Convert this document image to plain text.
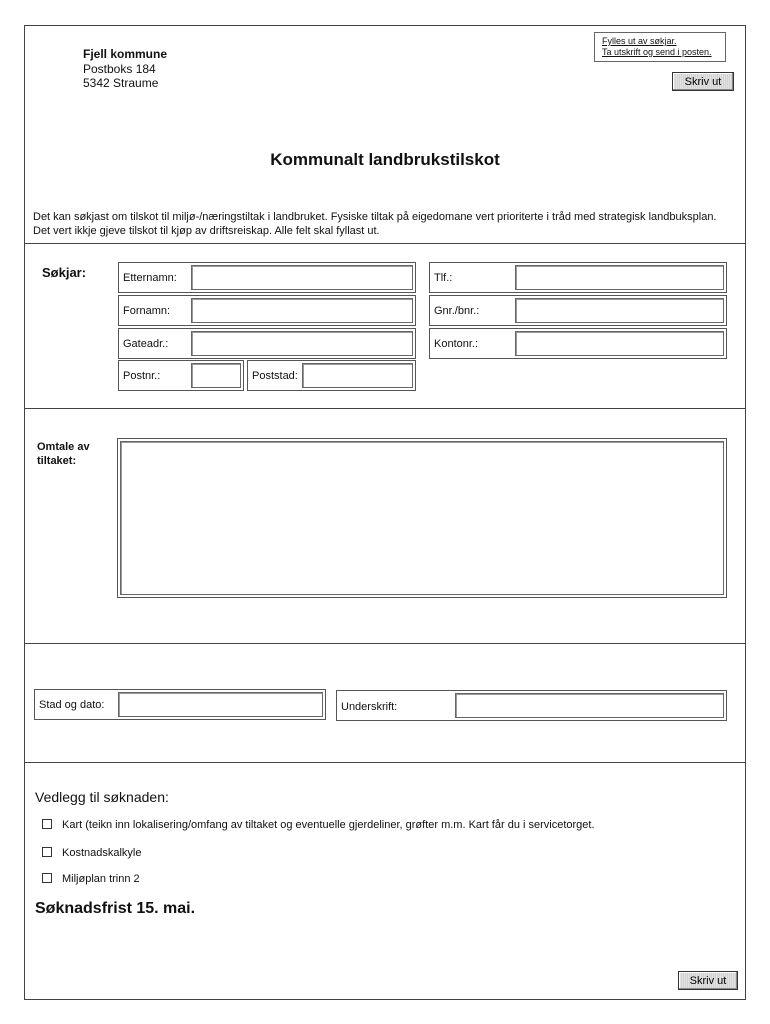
Fjell kommune
Postboks 184
5342 Straume
Fylles ut av søkjar.
Ta utskrift og send i posten.
Skriv ut
Kommunalt landbrukstilskot
Det kan søkjast om tilskot til miljø-/næringstiltak i landbruket. Fysiske tiltak på eigedomane vert prioriterte i tråd med strategisk landbuksplan. Det vert ikkje gjeve tilskot til kjøp av driftsreiskap. Alle felt skal fyllast ut.
Søkjar:	Etternamn:
Fornamn:
Gateadr.:
Postnr.:	Poststad:
Tlf.:
Gnr./bnr.:
Kontonr.:
Omtale av
tiltaket:
Stad og dato:	Underskrift:
Vedlegg til søknaden:
Kart (teikn inn lokalisering/omfang av tiltaket og eventuelle gjerdeliner, grøfter m.m. Kart får du i servicetorget.
Kostnadskalkyle
Miljøplan trinn 2
Søknadsfrist 15. mai.
Skriv ut
